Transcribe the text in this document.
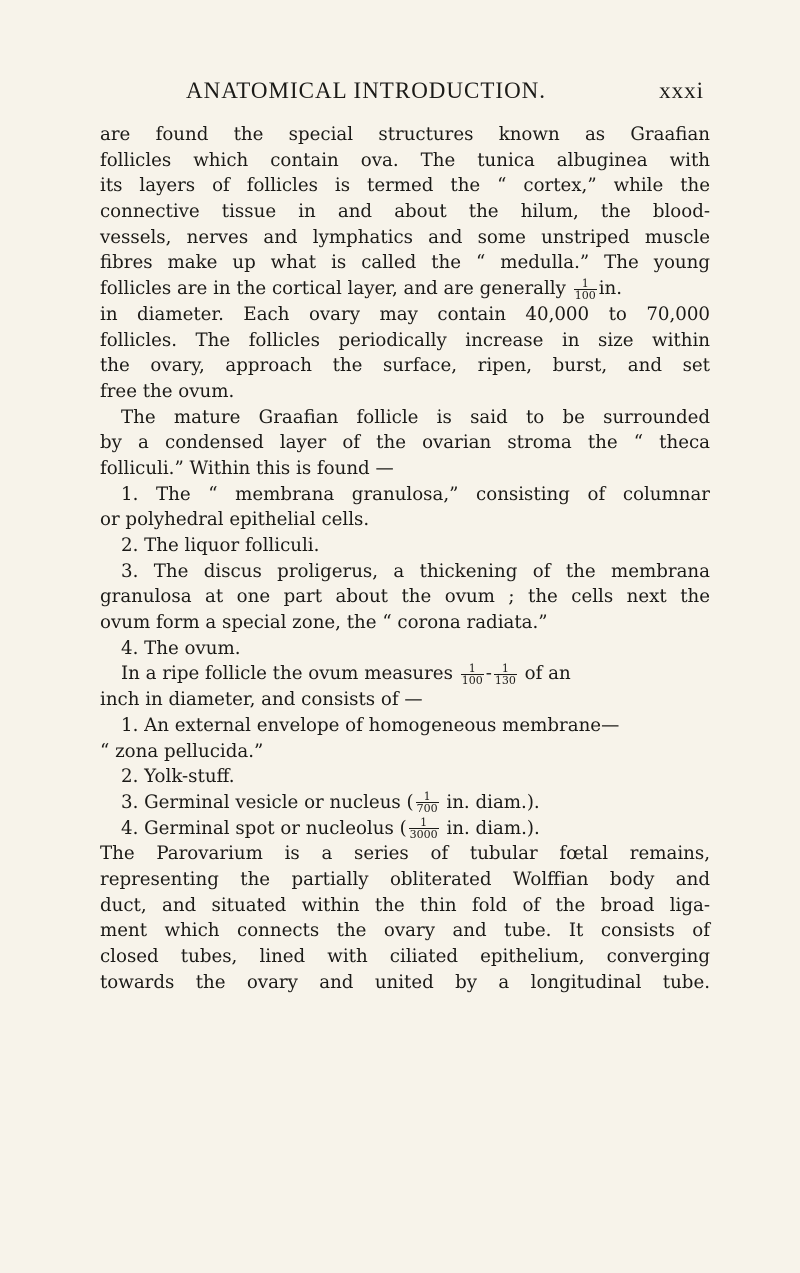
ANATOMICAL INTRODUCTION.	xxxi
are found the special structures known as Graafian
follicles which contain ova. The tunica albuginea with
its layers of follicles is termed the “ cortex,” while the
connective tissue in and about the hilum, the blood-
vessels, nerves and lymphatics and some unstriped muscle
fibres make up what is called the “ medulla.” The young
follicles are in the cortical layer, and are generally $\frac{1}{100}$ in.
in diameter. Each ovary may contain 40,000 to 70,000
follicles. The follicles periodically increase in size within
the ovary, approach the surface, ripen, burst, and set
free the ovum.
The mature Graafian follicle is said to be surrounded
by a condensed layer of the ovarian stroma the “ theca
folliculi.” Within this is found —
1. The “ membrana granulosa,” consisting of columnar
or polyhedral epithelial cells.
2. The liquor folliculi.
3. The discus proligerus, a thickening of the membrana
granulosa at one part about the ovum ; the cells next the
ovum form a special zone, the “ corona radiata.”
4. The ovum.
In a ripe follicle the ovum measures $\frac{1}{100} - \frac{1}{130}$ of an
inch in diameter, and consists of —
1. An external envelope of homogeneous membrane—
“ zona pellucida.”
2. Yolk-stuff.
3. Germinal vesicle or nucleus ( $\frac{1}{700}$ in. diam.).
4. Germinal spot or nucleolus ( $\frac{1}{3000}$ in. diam.).
The Parovarium is a series of tubular fœtal remains,
representing the partially obliterated Wolffian body and
duct, and situated within the thin fold of the broad liga-
ment which connects the ovary and tube. It consists of
closed tubes, lined with ciliated epithelium, converging
towards the ovary and united by a longitudinal tube.
